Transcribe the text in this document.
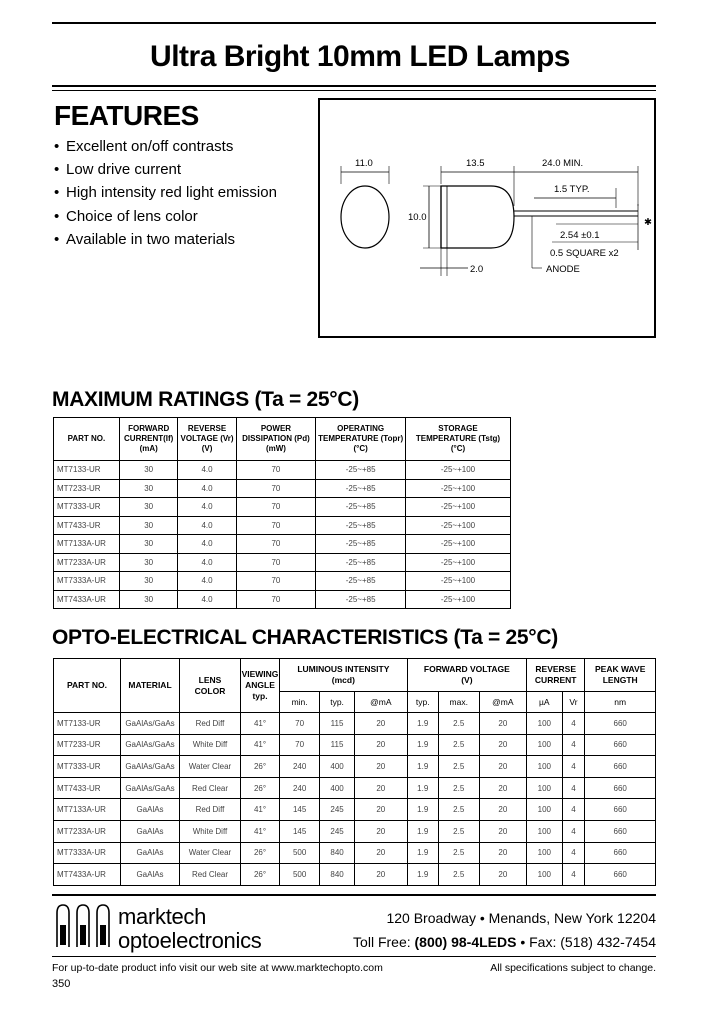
Ultra Bright 10mm LED Lamps
FEATURES
• Excellent on/off contrasts
• Low drive current
• High intensity red light emission
• Choice of lens color
• Available in two materials
11.0	13.5	24.0 MIN.
1.5 TYP.
10.0	✱
2.54 ±0.1
0.5 SQUARE x2
2.0	ANODE
MAXIMUM RATINGS (Ta = 25°C)
PART NO.	FORWARD
CURRENT(If)
(mA)	REVERSE
VOLTAGE (Vr)
(V)	POWER
DISSIPATION (Pd)
(mW)	OPERATING
TEMPERATURE (Topr)
(°C)	STORAGE
TEMPERATURE (Tstg)
(°C)
MT7133-UR	30	4.0	70	-25~+85	-25~+100
MT7233-UR	30	4.0	70	-25~+85	-25~+100
MT7333-UR	30	4.0	70	-25~+85	-25~+100
MT7433-UR	30	4.0	70	-25~+85	-25~+100
MT7133A-UR	30	4.0	70	-25~+85	-25~+100
MT7233A-UR	30	4.0	70	-25~+85	-25~+100
MT7333A-UR	30	4.0	70	-25~+85	-25~+100
MT7433A-UR	30	4.0	70	-25~+85	-25~+100
OPTO-ELECTRICAL CHARACTERISTICS (Ta = 25°C)
PART NO.	MATERIAL	LENS
COLOR	VIEWING
ANGLE
typ.	LUMINOUS INTENSITY
(mcd)			FORWARD VOLTAGE
(V)			REVERSE
CURRENT		PEAK WAVE
LENGTH
				min.	typ.	@mA	typ.	max.	@mA	µA	Vr	nm
MT7133-UR	GaAlAs/GaAs	Red Diff	41°	70	115	20	1.9	2.5	20	100	4	660
MT7233-UR	GaAlAs/GaAs	White Diff	41°	70	115	20	1.9	2.5	20	100	4	660
MT7333-UR	GaAlAs/GaAs	Water Clear	26°	240	400	20	1.9	2.5	20	100	4	660
MT7433-UR	GaAlAs/GaAs	Red Clear	26°	240	400	20	1.9	2.5	20	100	4	660
MT7133A-UR	GaAlAs	Red Diff	41°	145	245	20	1.9	2.5	20	100	4	660
MT7233A-UR	GaAlAs	White Diff	41°	145	245	20	1.9	2.5	20	100	4	660
MT7333A-UR	GaAlAs	Water Clear	26°	500	840	20	1.9	2.5	20	100	4	660
MT7433A-UR	GaAlAs	Red Clear	26°	500	840	20	1.9	2.5	20	100	4	660
marktech
optoelectronics
120 Broadway • Menands, New York 12204
Toll Free: (800) 98-4LEDS • Fax: (518) 432-7454
For up-to-date product info visit our web site at www.marktechopto.com	All specifications subject to change.
350
